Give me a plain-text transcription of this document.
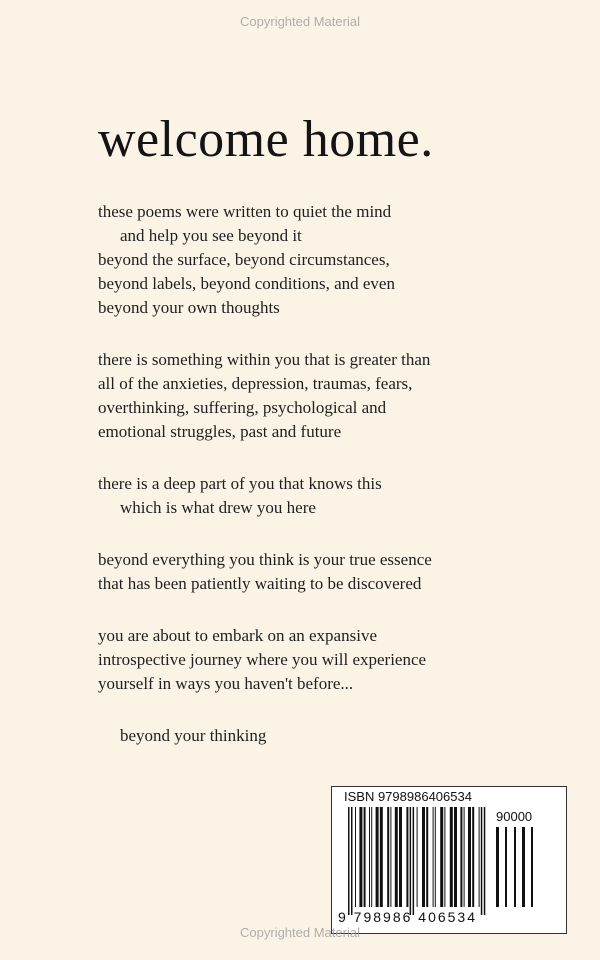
Copyrighted Material
welcome home.
these poems were written to quiet the mind
and help you see beyond it
beyond the surface, beyond circumstances,
beyond labels, beyond conditions, and even
beyond your own thoughts
there is something within you that is greater than
all of the anxieties, depression, traumas, fears,
overthinking, suffering, psychological and
emotional struggles, past and future
there is a deep part of you that knows this
which is what drew you here
beyond everything you think is your true essence
that has been patiently waiting to be discovered
you are about to embark on an expansive
introspective journey where you will experience
yourself in ways you haven't before...
beyond your thinking
ISBN 9798986406534
90000
9 798986 406534
Copyrighted Material
